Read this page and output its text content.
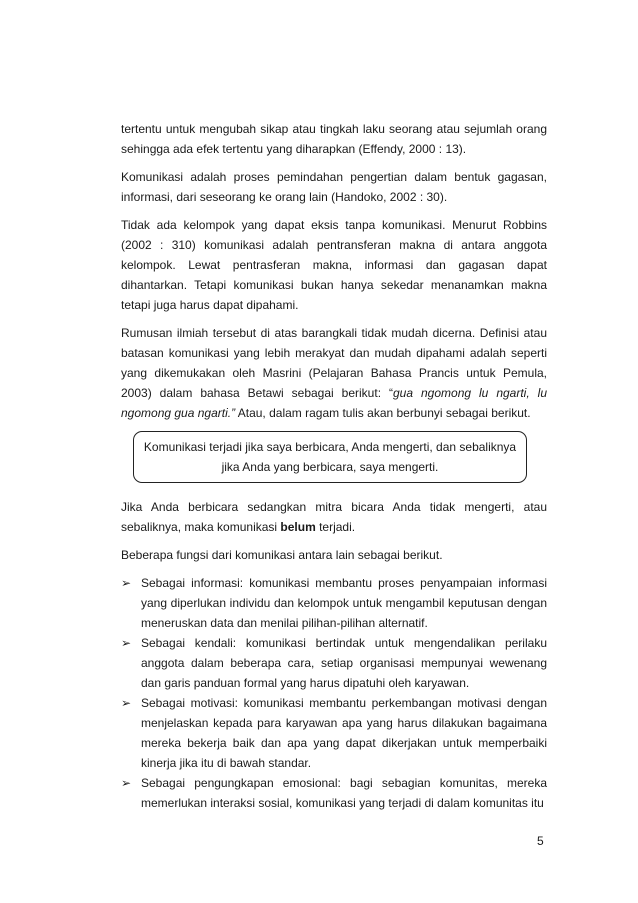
tertentu untuk mengubah sikap atau tingkah laku seorang atau sejumlah orang sehingga ada efek tertentu yang diharapkan (Effendy, 2000 : 13).

Komunikasi adalah proses pemindahan pengertian dalam bentuk gagasan, informasi, dari seseorang ke orang lain (Handoko, 2002 : 30).

Tidak ada kelompok yang dapat eksis tanpa komunikasi. Menurut Robbins (2002 : 310) komunikasi adalah pentransferan makna di antara anggota kelompok. Lewat pentrasferan makna, informasi dan gagasan dapat dihantarkan. Tetapi komunikasi bukan hanya sekedar menanamkan makna tetapi juga harus dapat dipahami.

Rumusan ilmiah tersebut di atas barangkali tidak mudah dicerna. Definisi atau batasan komunikasi yang lebih merakyat dan mudah dipahami adalah seperti yang dikemukakan oleh Masrini (Pelajaran Bahasa Prancis untuk Pemula, 2003) dalam bahasa Betawi sebagai berikut: “gua ngomong lu ngarti, lu ngomong gua ngarti.” Atau, dalam ragam tulis akan berbunyi sebagai berikut.

Komunikasi terjadi jika saya berbicara, Anda mengerti, dan sebaliknya
jika Anda yang berbicara, saya mengerti.

Jika Anda berbicara sedangkan mitra bicara Anda tidak mengerti, atau sebaliknya, maka komunikasi belum terjadi.

Beberapa fungsi dari komunikasi antara lain sebagai berikut.

➢ Sebagai informasi: komunikasi membantu proses penyampaian informasi yang diperlukan individu dan kelompok untuk mengambil keputusan dengan meneruskan data dan menilai pilihan-pilihan alternatif.
➢ Sebagai kendali: komunikasi bertindak untuk mengendalikan perilaku anggota dalam beberapa cara, setiap organisasi mempunyai wewenang dan garis panduan formal yang harus dipatuhi oleh karyawan.
➢ Sebagai motivasi: komunikasi membantu perkembangan motivasi dengan menjelaskan kepada para karyawan apa yang harus dilakukan bagaimana mereka bekerja baik dan apa yang dapat dikerjakan untuk memperbaiki kinerja jika itu di bawah standar.
➢ Sebagai pengungkapan emosional: bagi sebagian komunitas, mereka memerlukan interaksi sosial, komunikasi yang terjadi di dalam komunitas itu
5
